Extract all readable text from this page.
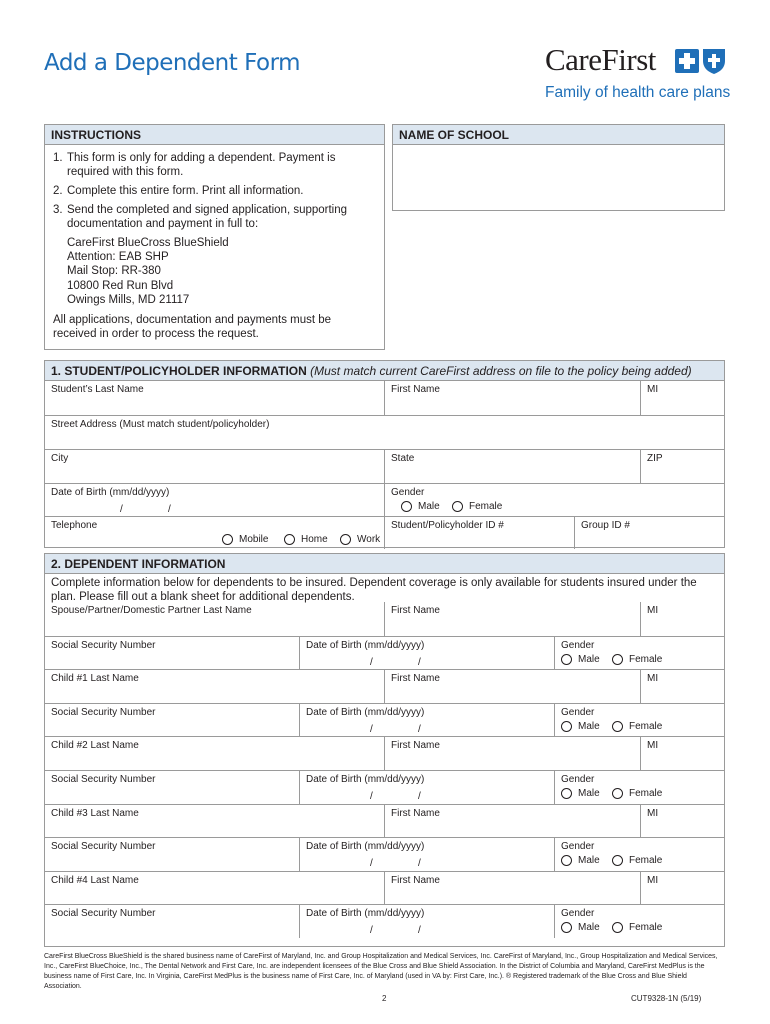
Add a Dependent Form	CareFirst
Family of health care plans
INSTRUCTIONS
1. This form is only for adding a dependent. Payment is required with this form.
2. Complete this entire form. Print all information.
3. Send the completed and signed application, supporting documentation and payment in full to:
CareFirst BlueCross BlueShield
Attention: EAB SHP
Mail Stop: RR-380
10800 Red Run Blvd
Owings Mills, MD 21117
All applications, documentation and payments must be received in order to process the request.
NAME OF SCHOOL
1. STUDENT/POLICYHOLDER INFORMATION (Must match current CareFirst address on file to the policy being added)
Student’s Last Name	First Name	MI
Street Address (Must match student/policyholder)
City	State	ZIP
Date of Birth (mm/dd/yyyy)
/	/
Gender
Male	Female
Telephone
Mobile	Home	Work
Student/Policyholder ID #	Group ID #
2. DEPENDENT INFORMATION
Complete information below for dependents to be insured. Dependent coverage is only available for students insured under the plan. Please fill out a blank sheet for additional dependents.
Spouse/Partner/Domestic Partner Last Name	First Name	MI
Social Security Number	Date of Birth (mm/dd/yyyy)
/	/
Gender
Male	Female
Child #1 Last Name	First Name	MI
Social Security Number	Date of Birth (mm/dd/yyyy)
/	/
Gender
Male	Female
Child #2 Last Name	First Name	MI
Social Security Number	Date of Birth (mm/dd/yyyy)
/	/
Gender
Male	Female
Child #3 Last Name	First Name	MI
Social Security Number	Date of Birth (mm/dd/yyyy)
/	/
Gender
Male	Female
Child #4 Last Name	First Name	MI
Social Security Number	Date of Birth (mm/dd/yyyy)
/	/
Gender
Male	Female
CareFirst BlueCross BlueShield is the shared business name of CareFirst of Maryland, Inc. and Group Hospitalization and Medical Services, Inc. CareFirst of Maryland, Inc., Group Hospitalization and Medical Services, Inc., CareFirst BlueChoice, Inc., The Dental Network and First Care, Inc. are independent licensees of the Blue Cross and Blue Shield Association. In the District of Columbia and Maryland, CareFirst MedPlus is the business name of First Care, Inc. In Virginia, CareFirst MedPlus is the business name of First Care, Inc. of Maryland (used in VA by: First Care, Inc.). ® Registered trademark of the Blue Cross and Blue Shield Association.
2	CUT9328-1N (5/19)
